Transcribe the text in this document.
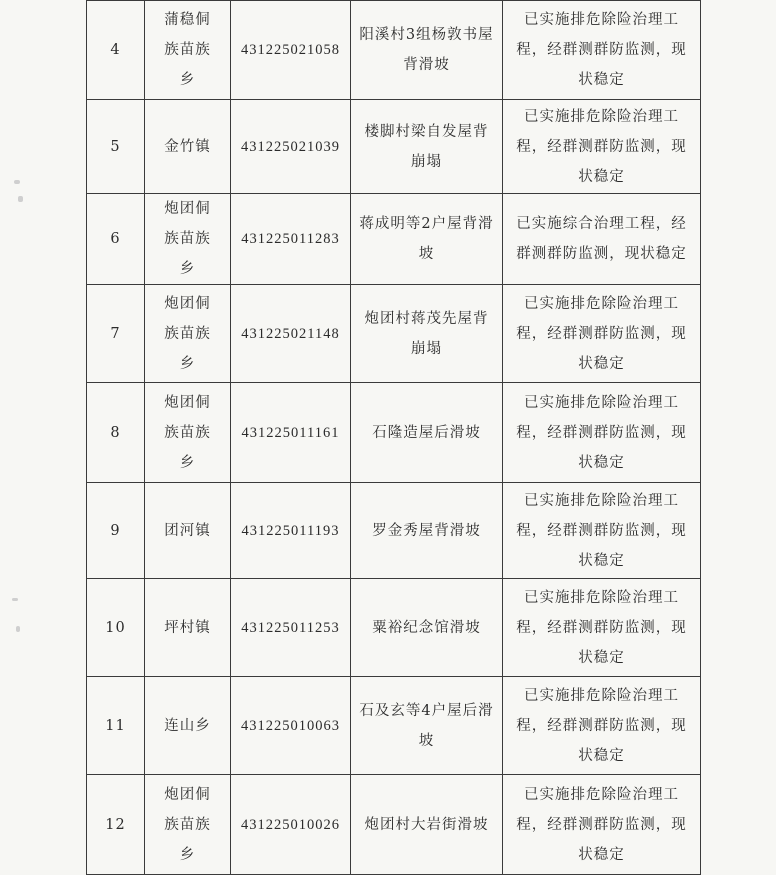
4	蒲稳侗族苗族乡	431225021058	阳溪村3组杨敦书屋背滑坡	已实施排危除险治理工程，经群测群防监测，现状稳定
5	金竹镇	431225021039	楼脚村梁自发屋背崩塌	已实施排危除险治理工程，经群测群防监测，现状稳定
6	炮团侗族苗族乡	431225011283	蒋成明等2户屋背滑坡	已实施综合治理工程，经群测群防监测，现状稳定
7	炮团侗族苗族乡	431225021148	炮团村蒋茂先屋背崩塌	已实施排危除险治理工程，经群测群防监测，现状稳定
8	炮团侗族苗族乡	431225011161	石隆造屋后滑坡	已实施排危除险治理工程，经群测群防监测，现状稳定
9	团河镇	431225011193	罗金秀屋背滑坡	已实施排危除险治理工程，经群测群防监测，现状稳定
10	坪村镇	431225011253	粟裕纪念馆滑坡	已实施排危除险治理工程，经群测群防监测，现状稳定
11	连山乡	431225010063	石及玄等4户屋后滑坡	已实施排危除险治理工程，经群测群防监测，现状稳定
12	炮团侗族苗族乡	431225010026	炮团村大岩街滑坡	已实施排危除险治理工程，经群测群防监测，现状稳定
